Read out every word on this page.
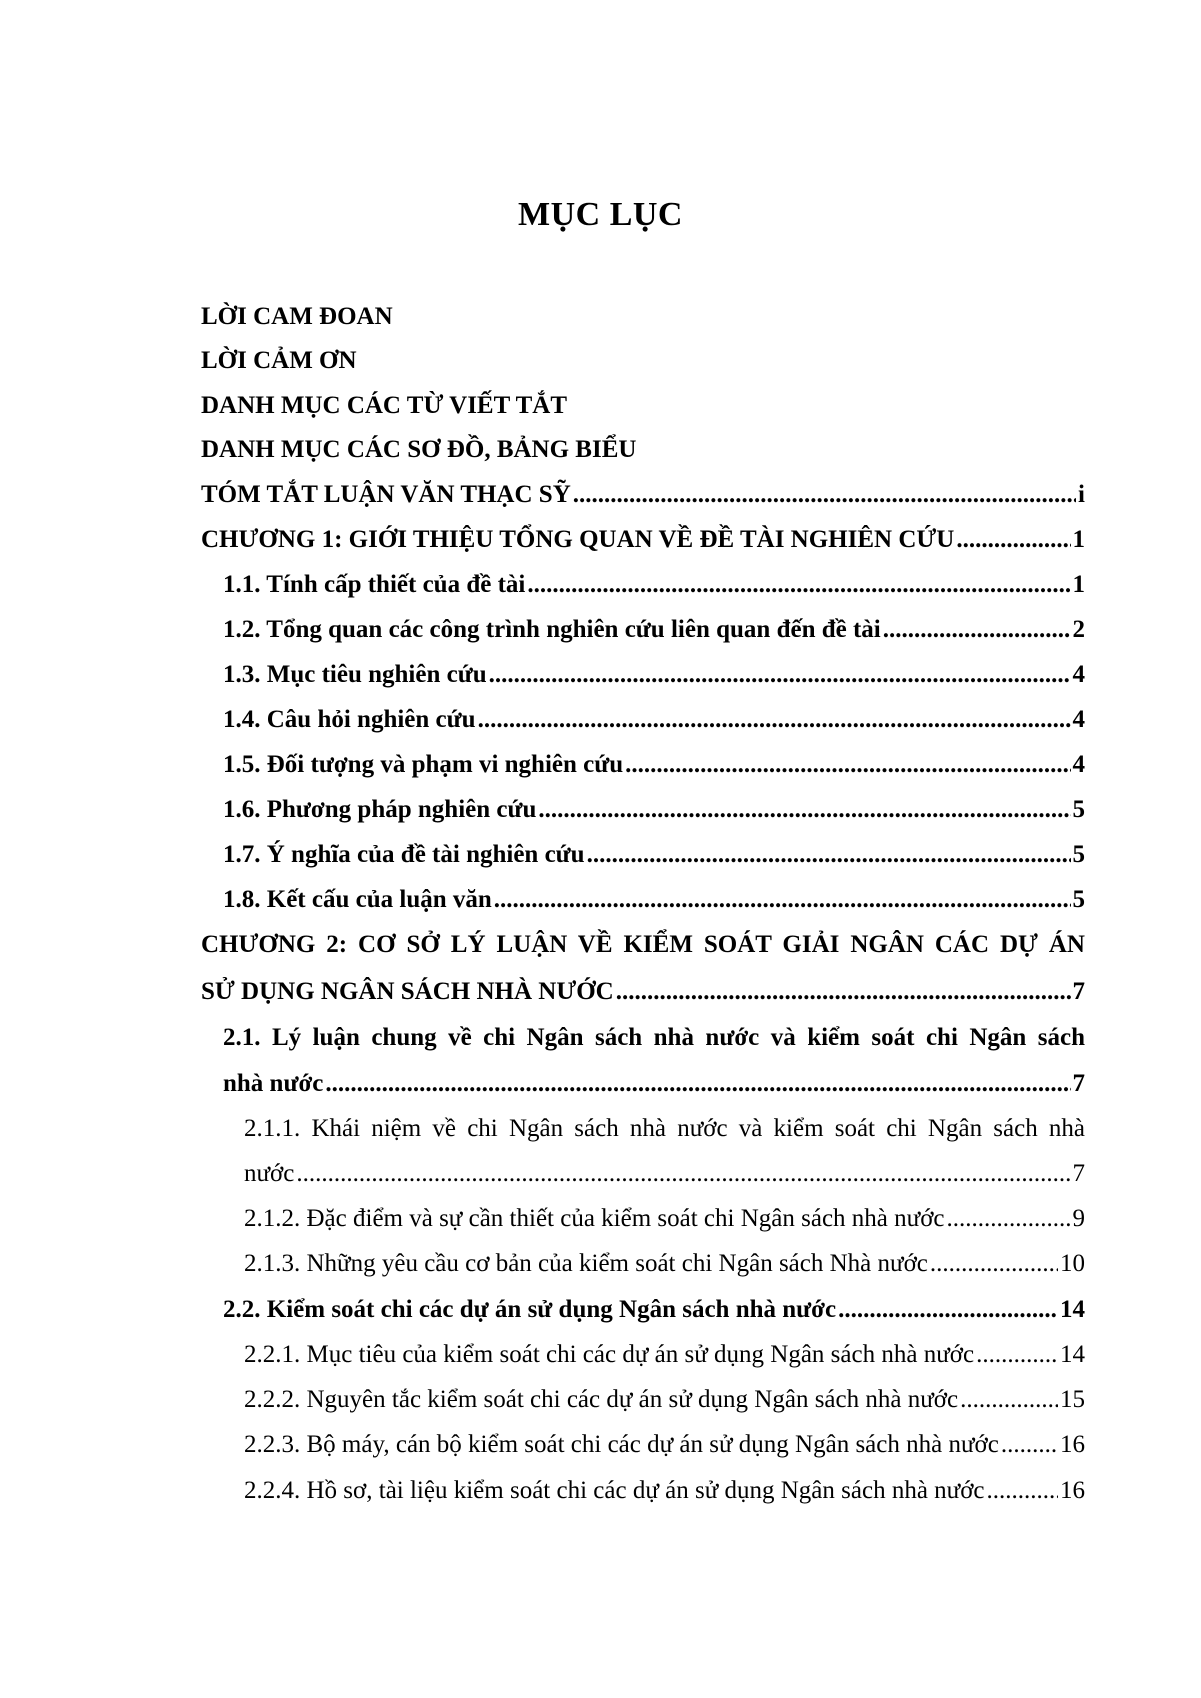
MỤC LỤC
LỜI CAM ĐOAN
LỜI CẢM ƠN
DANH MỤC CÁC TỪ VIẾT TẮT
DANH MỤC CÁC SƠ ĐỒ, BẢNG BIỂU
TÓM TẮT LUẬN VĂN THẠC SỸ .....	i
CHƯƠNG 1: GIỚI THIỆU TỔNG QUAN VỀ ĐỀ TÀI NGHIÊN CỨU .....	1
1.1. Tính cấp thiết của đề tài .....	1
1.2. Tổng quan các công trình nghiên cứu liên quan đến đề tài .....	2
1.3. Mục tiêu nghiên cứu .....	4
1.4. Câu hỏi nghiên cứu .....	4
1.5. Đối tượng và phạm vi nghiên cứu .....	4
1.6. Phương pháp nghiên cứu .....	5
1.7. Ý nghĩa của đề tài nghiên cứu .....	5
1.8. Kết cấu của luận văn .....	5
CHƯƠNG 2: CƠ SỞ LÝ LUẬN VỀ KIỂM SOÁT GIẢI NGÂN CÁC DỰ ÁN
SỬ DỤNG NGÂN SÁCH NHÀ NƯỚC .....	7
2.1. Lý luận chung về chi Ngân sách nhà nước và kiểm soát chi Ngân sách
nhà nước .....	7
2.1.1. Khái niệm về chi Ngân sách nhà nước và kiểm soát chi Ngân sách nhà
nước .....	7
2.1.2. Đặc điểm và sự cần thiết của kiểm soát chi Ngân sách nhà nước .....	9
2.1.3. Những yêu cầu cơ bản của kiểm soát chi Ngân sách Nhà nước .....	10
2.2. Kiểm soát chi các dự án sử dụng Ngân sách nhà nước .....	14
2.2.1. Mục tiêu của kiểm soát chi các dự án sử dụng Ngân sách nhà nước .....	14
2.2.2. Nguyên tắc kiểm soát chi các dự án sử dụng Ngân sách nhà nước .....	15
2.2.3. Bộ máy, cán bộ kiểm soát chi các dự án sử dụng Ngân sách nhà nước ..... 16
2.2.4. Hồ sơ, tài liệu kiểm soát chi các dự án sử dụng Ngân sách nhà nước .....	16
